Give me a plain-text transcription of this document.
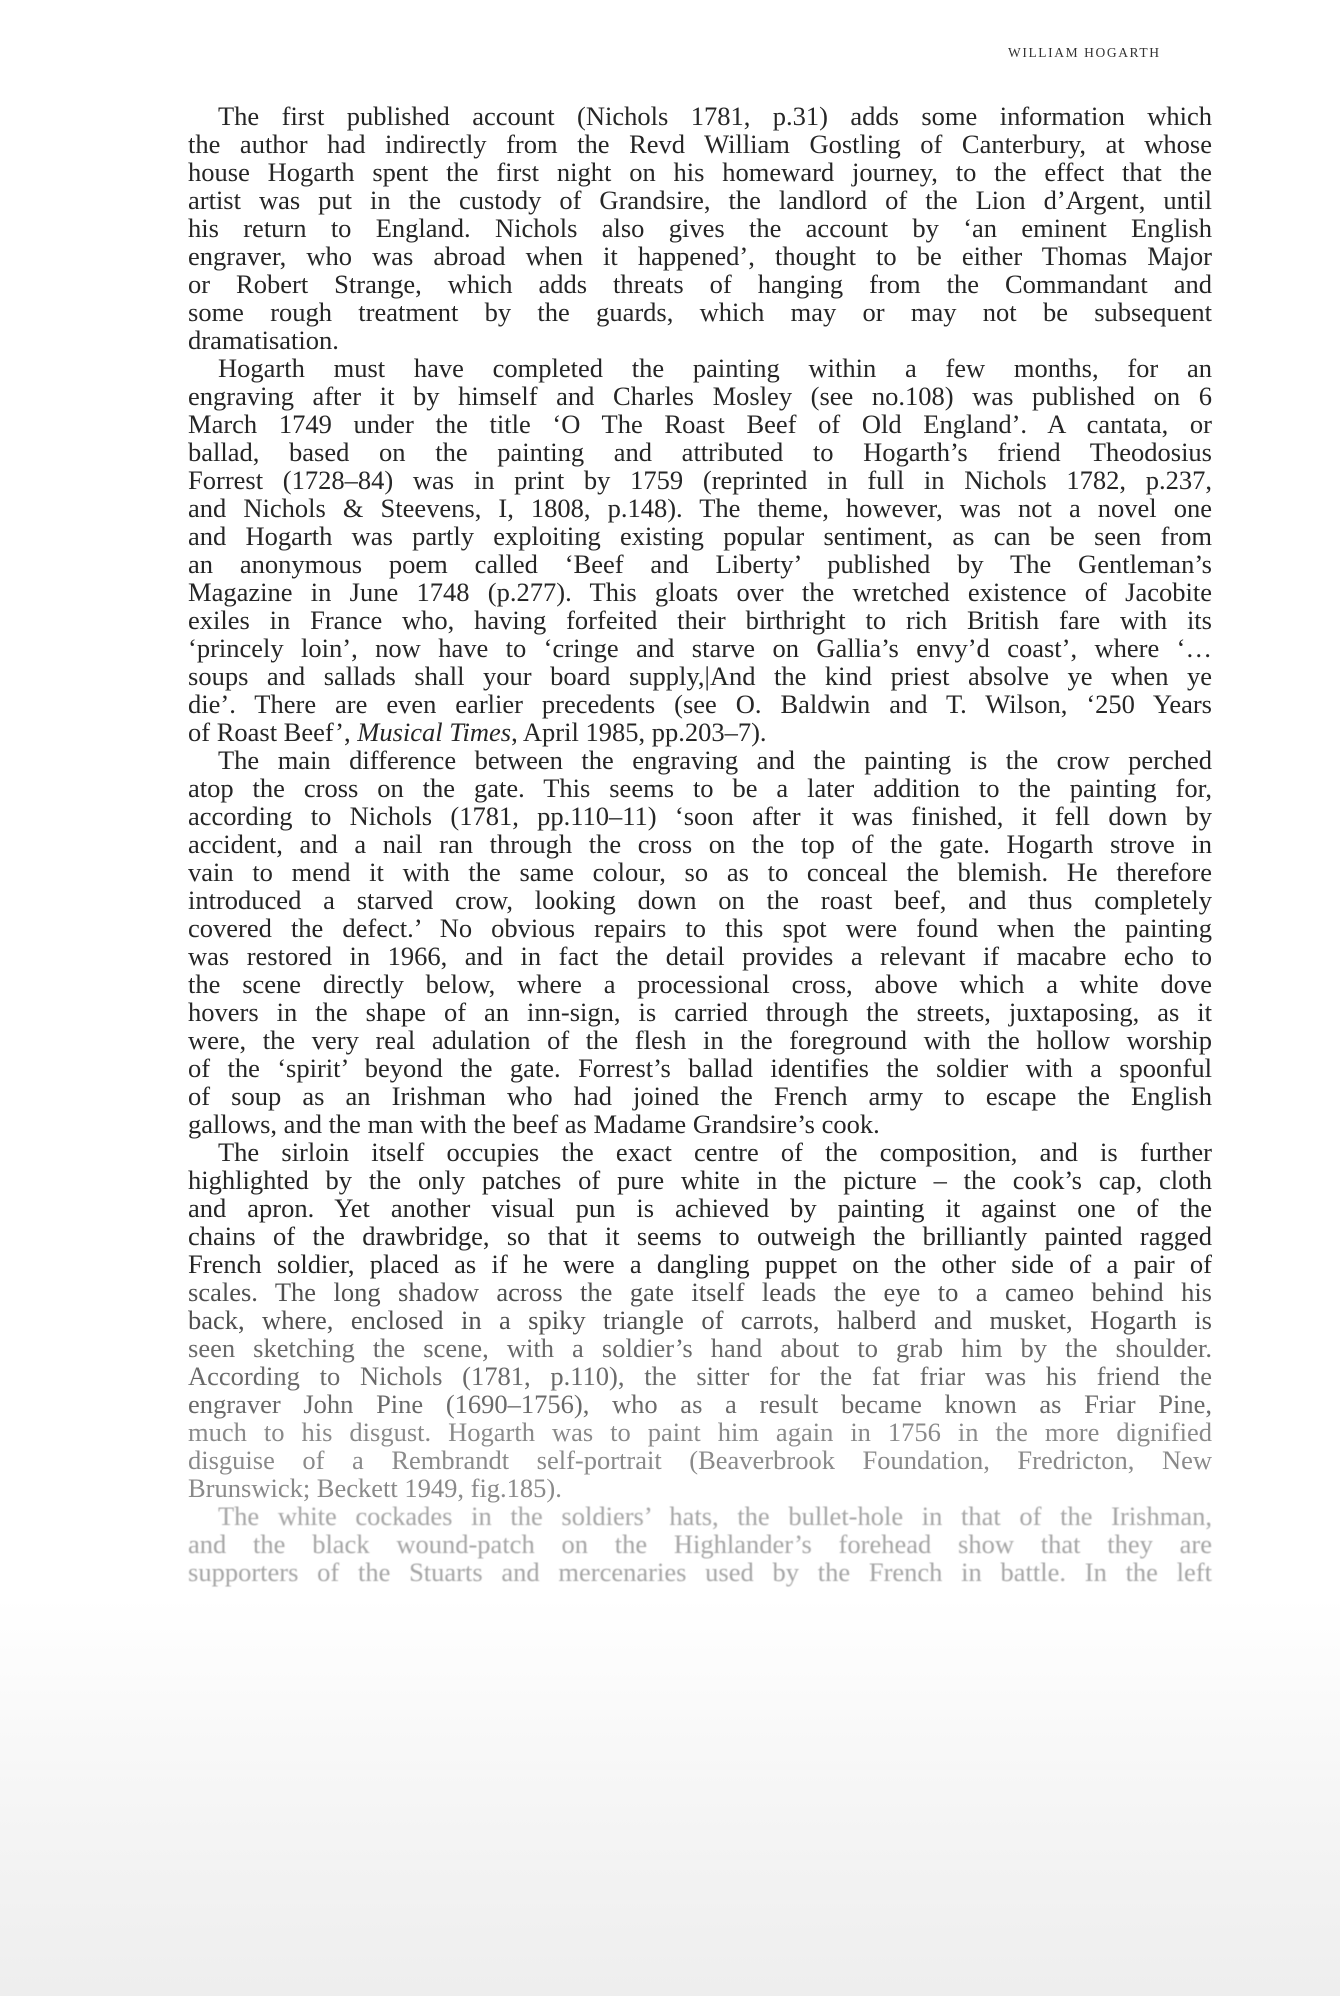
WILLIAM HOGARTH
The first published account (Nichols 1781, p.31) adds some information which
the author had indirectly from the Revd William Gostling of Canterbury, at whose
house Hogarth spent the first night on his homeward journey, to the effect that the
artist was put in the custody of Grandsire, the landlord of the Lion d’Argent, until
his return to England. Nichols also gives the account by ‘an eminent English
engraver, who was abroad when it happened’, thought to be either Thomas Major
or Robert Strange, which adds threats of hanging from the Commandant and
some rough treatment by the guards, which may or may not be subsequent
dramatisation.
Hogarth must have completed the painting within a few months, for an
engraving after it by himself and Charles Mosley (see no.108) was published on 6
March 1749 under the title ‘O The Roast Beef of Old England’. A cantata, or
ballad, based on the painting and attributed to Hogarth’s friend Theodosius
Forrest (1728–84) was in print by 1759 (reprinted in full in Nichols 1782, p.237,
and Nichols & Steevens, I, 1808, p.148). The theme, however, was not a novel one
and Hogarth was partly exploiting existing popular sentiment, as can be seen from
an anonymous poem called ‘Beef and Liberty’ published by The Gentleman’s
Magazine in June 1748 (p.277). This gloats over the wretched existence of Jacobite
exiles in France who, having forfeited their birthright to rich British fare with its
‘princely loin’, now have to ‘cringe and starve on Gallia’s envy’d coast’, where ‘…
soups and sallads shall your board supply,|And the kind priest absolve ye when ye
die’. There are even earlier precedents (see O. Baldwin and T. Wilson, ‘250 Years
of Roast Beef’, Musical Times, April 1985, pp.203–7).
The main difference between the engraving and the painting is the crow perched
atop the cross on the gate. This seems to be a later addition to the painting for,
according to Nichols (1781, pp.110–11) ‘soon after it was finished, it fell down by
accident, and a nail ran through the cross on the top of the gate. Hogarth strove in
vain to mend it with the same colour, so as to conceal the blemish. He therefore
introduced a starved crow, looking down on the roast beef, and thus completely
covered the defect.’ No obvious repairs to this spot were found when the painting
was restored in 1966, and in fact the detail provides a relevant if macabre echo to
the scene directly below, where a processional cross, above which a white dove
hovers in the shape of an inn-sign, is carried through the streets, juxtaposing, as it
were, the very real adulation of the flesh in the foreground with the hollow worship
of the ‘spirit’ beyond the gate. Forrest’s ballad identifies the soldier with a spoonful
of soup as an Irishman who had joined the French army to escape the English
gallows, and the man with the beef as Madame Grandsire’s cook.
The sirloin itself occupies the exact centre of the composition, and is further
highlighted by the only patches of pure white in the picture – the cook’s cap, cloth
and apron. Yet another visual pun is achieved by painting it against one of the
chains of the drawbridge, so that it seems to outweigh the brilliantly painted ragged
French soldier, placed as if he were a dangling puppet on the other side of a pair of
scales. The long shadow across the gate itself leads the eye to a cameo behind his
back, where, enclosed in a spiky triangle of carrots, halberd and musket, Hogarth is
seen sketching the scene, with a soldier’s hand about to grab him by the shoulder.
According to Nichols (1781, p.110), the sitter for the fat friar was his friend the
engraver John Pine (1690–1756), who as a result became known as Friar Pine,
much to his disgust. Hogarth was to paint him again in 1756 in the more dignified
disguise of a Rembrandt self-portrait (Beaverbrook Foundation, Fredricton, New
Brunswick; Beckett 1949, fig.185).
The white cockades in the soldiers’ hats, the bullet-hole in that of the Irishman,
and the black wound-patch on the Highlander’s forehead show that they are
supporters of the Stuarts and mercenaries used by the French in battle. In the left
